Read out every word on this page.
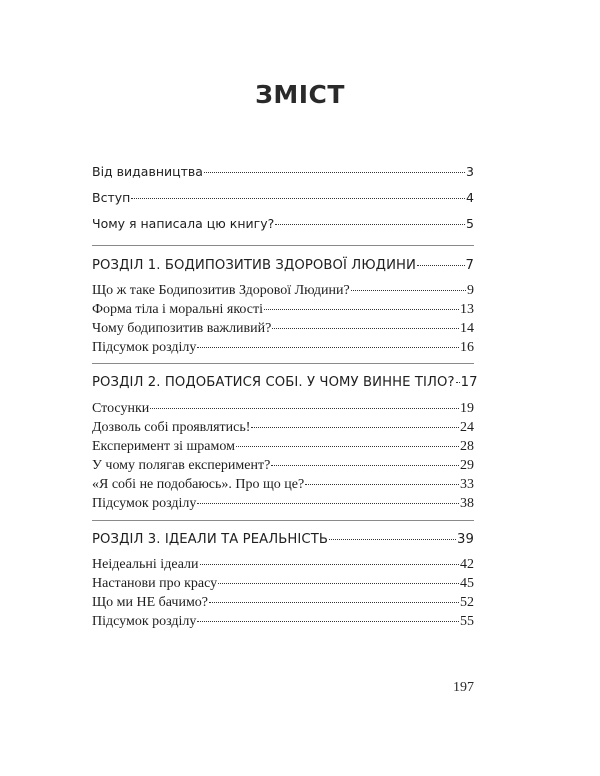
ЗМІСТ
Від видавництва	3
Вступ	4
Чому я написала цю книгу?	5
РОЗДІЛ 1. БОДИПОЗИТИВ ЗДОРОВОЇ ЛЮДИНИ	7
Що ж таке Бодипозитив Здорової Людини?	9
Форма тіла і моральні якості	13
Чому бодипозитив важливий?	14
Підсумок розділу	16
РОЗДІЛ 2. ПОДОБАТИСЯ СОБІ. У ЧОМУ ВИННЕ ТІЛО? 17
Стосунки	19
Дозволь собі проявлятись!	24
Експеримент зі шрамом	28
У чому полягав експеримент?	29
«Я собі не подобаюсь». Про що це?	33
Підсумок розділу	38
РОЗДІЛ 3. ІДЕАЛИ ТА РЕАЛЬНІСТЬ	39
Неідеальні ідеали	42
Настанови про красу	45
Що ми НЕ бачимо?	52
Підсумок розділу	55
197
